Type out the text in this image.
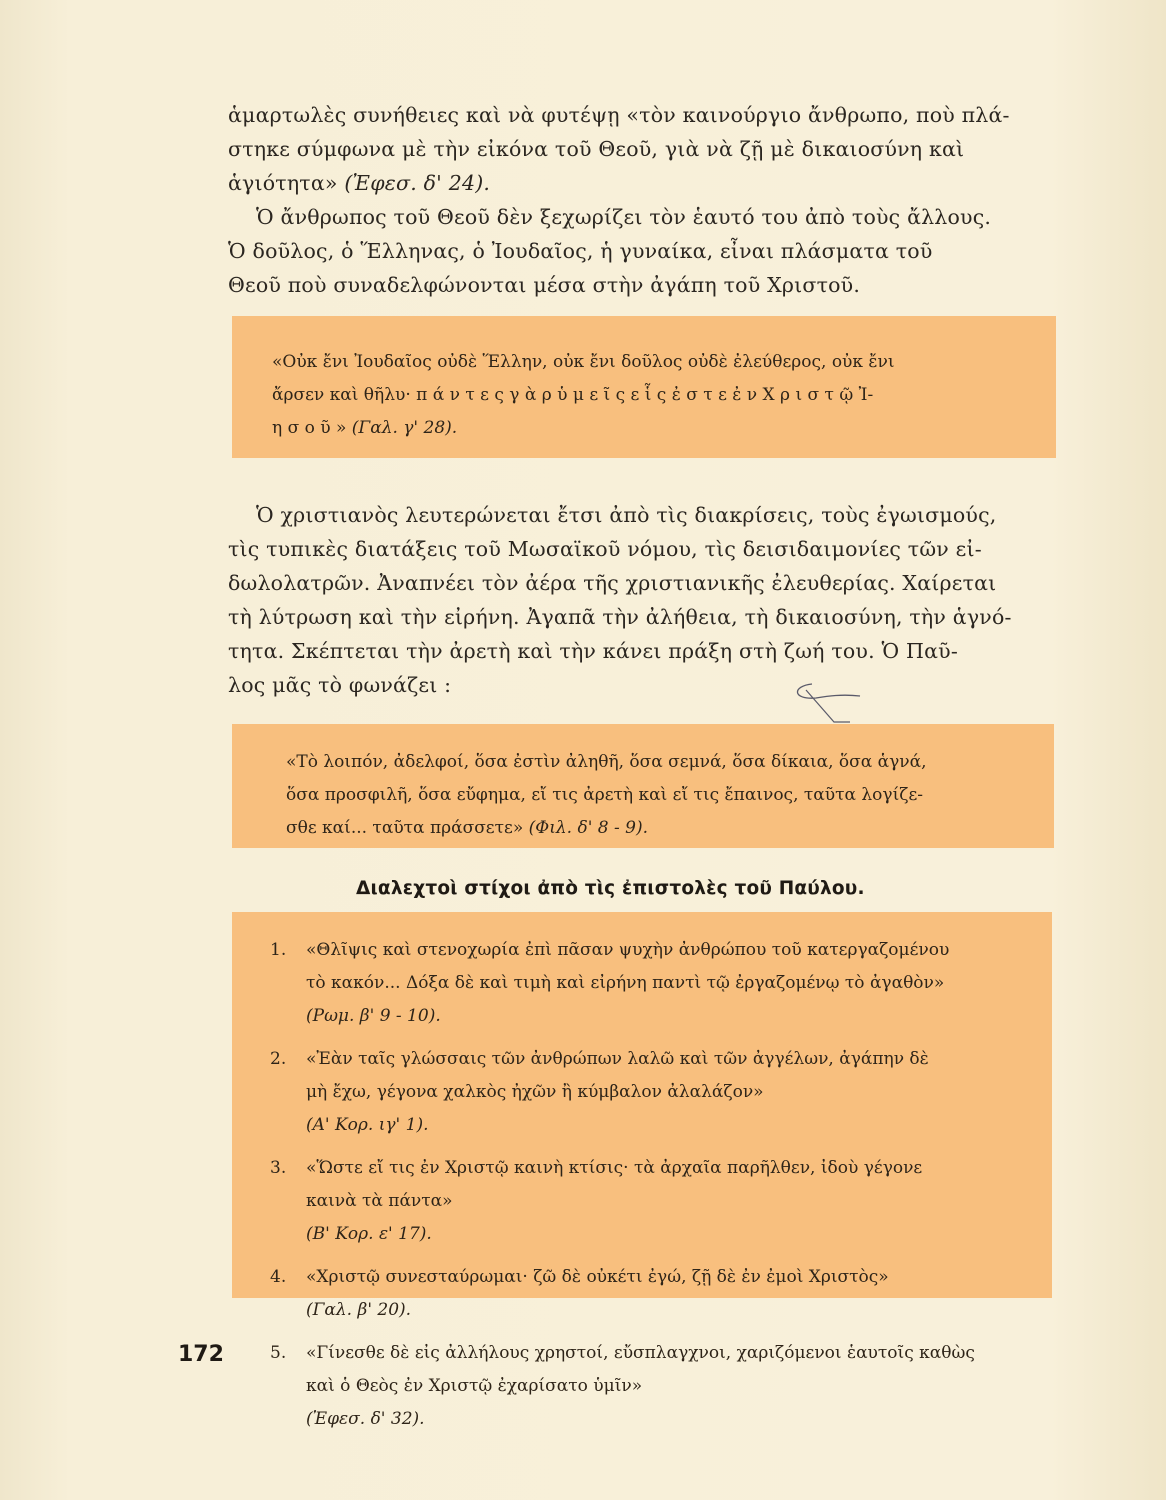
ἁμαρτωλὲς συνήθειες καὶ νὰ φυτέψῃ «τὸν καινούργιο ἄνθρωπο, ποὺ πλά-

στηκε σύμφωνα μὲ τὴν εἰκόνα τοῦ Θεοῦ, γιὰ νὰ ζῇ μὲ δικαιοσύνη καὶ

ἁγιότητα» (Ἐφεσ. δ' 24).

Ὁ ἄνθρωπος τοῦ Θεοῦ δὲν ξεχωρίζει τὸν ἑαυτό του ἀπὸ τοὺς ἄλλους.

Ὁ δοῦλος, ὁ Ἕλληνας, ὁ Ἰουδαῖος, ἡ γυναίκα, εἶναι πλάσματα τοῦ

Θεοῦ ποὺ συναδελφώνονται μέσα στὴν ἀγάπη τοῦ Χριστοῦ.

«Οὐκ ἔνι Ἰουδαῖος οὐδὲ Ἕλλην, οὐκ ἔνι δοῦλος οὐδὲ ἐλεύθερος, οὐκ ἔνι
ἄρσεν καὶ θῆλυ· π ά ν τ ε ς γ ὰ ρ ὑ μ ε ῖ ς ε ἷ ς ἐ σ τ ε ἐ ν Χ ρ ι σ τ ῷ Ἰ-
η σ ο ῦ » (Γαλ. γ' 28).

Ὁ χριστιανὸς λευτερώνεται ἔτσι ἀπὸ τὶς διακρίσεις, τοὺς ἐγωισμούς,

τὶς τυπικὲς διατάξεις τοῦ Μωσαϊκοῦ νόμου, τὶς δεισιδαιμονίες τῶν εἰ-

δωλολατρῶν. Ἀναπνέει τὸν ἀέρα τῆς χριστιανικῆς ἐλευθερίας. Χαίρεται

τὴ λύτρωση καὶ τὴν εἰρήνη. Ἀγαπᾶ τὴν ἀλήθεια, τὴ δικαιοσύνη, τὴν ἁγνό-

τητα. Σκέπτεται τὴν ἀρετὴ καὶ τὴν κάνει πράξη στὴ ζωή του. Ὁ Παῦ-

λος μᾶς τὸ φωνάζει :

«Τὸ λοιπόν, ἀδελφοί, ὅσα ἐστὶν ἀληθῆ, ὅσα σεμνά, ὅσα δίκαια, ὅσα ἁγνά,
ὅσα προσφιλῆ, ὅσα εὔφημα, εἴ τις ἀρετὴ καὶ εἴ τις ἔπαινος, ταῦτα λογίζε-
σθε καί... ταῦτα πράσσετε» (Φιλ. δ' 8 - 9).
Διαλεχτοὶ στίχοι ἀπὸ τὶς ἐπιστολὲς τοῦ Παύλου.
1. «Θλῖψις καὶ στενοχωρία ἐπὶ πᾶσαν ψυχὴν ἀνθρώπου τοῦ κατεργαζομένου
τὸ κακόν... Δόξα δὲ καὶ τιμὴ καὶ εἰρήνη παντὶ τῷ ἐργαζομένῳ τὸ ἀγαθὸν»
(Ρωμ. β' 9 - 10).
2. «Ἐὰν ταῖς γλώσσαις τῶν ἀνθρώπων λαλῶ καὶ τῶν ἀγγέλων, ἀγάπην δὲ
μὴ ἔχω, γέγονα χαλκὸς ἠχῶν ἢ κύμβαλον ἀλαλάζον»
(Α' Κορ. ιγ' 1).
3. «Ὥστε εἴ τις ἐν Χριστῷ καινὴ κτίσις· τὰ ἀρχαῖα παρῆλθεν, ἰδοὺ γέγονε
καινὰ τὰ πάντα»
(Β' Κορ. ε' 17).
4. «Χριστῷ συνεσταύρωμαι· ζῶ δὲ οὐκέτι ἐγώ, ζῇ δὲ ἐν ἐμοὶ Χριστὸς»
(Γαλ. β' 20).
5. «Γίνεσθε δὲ εἰς ἀλλήλους χρηστοί, εὔσπλαγχνοι, χαριζόμενοι ἑαυτοῖς καθὼς
καὶ ὁ Θεὸς ἐν Χριστῷ ἐχαρίσατο ὑμῖν»
(Ἐφεσ. δ' 32).
172
